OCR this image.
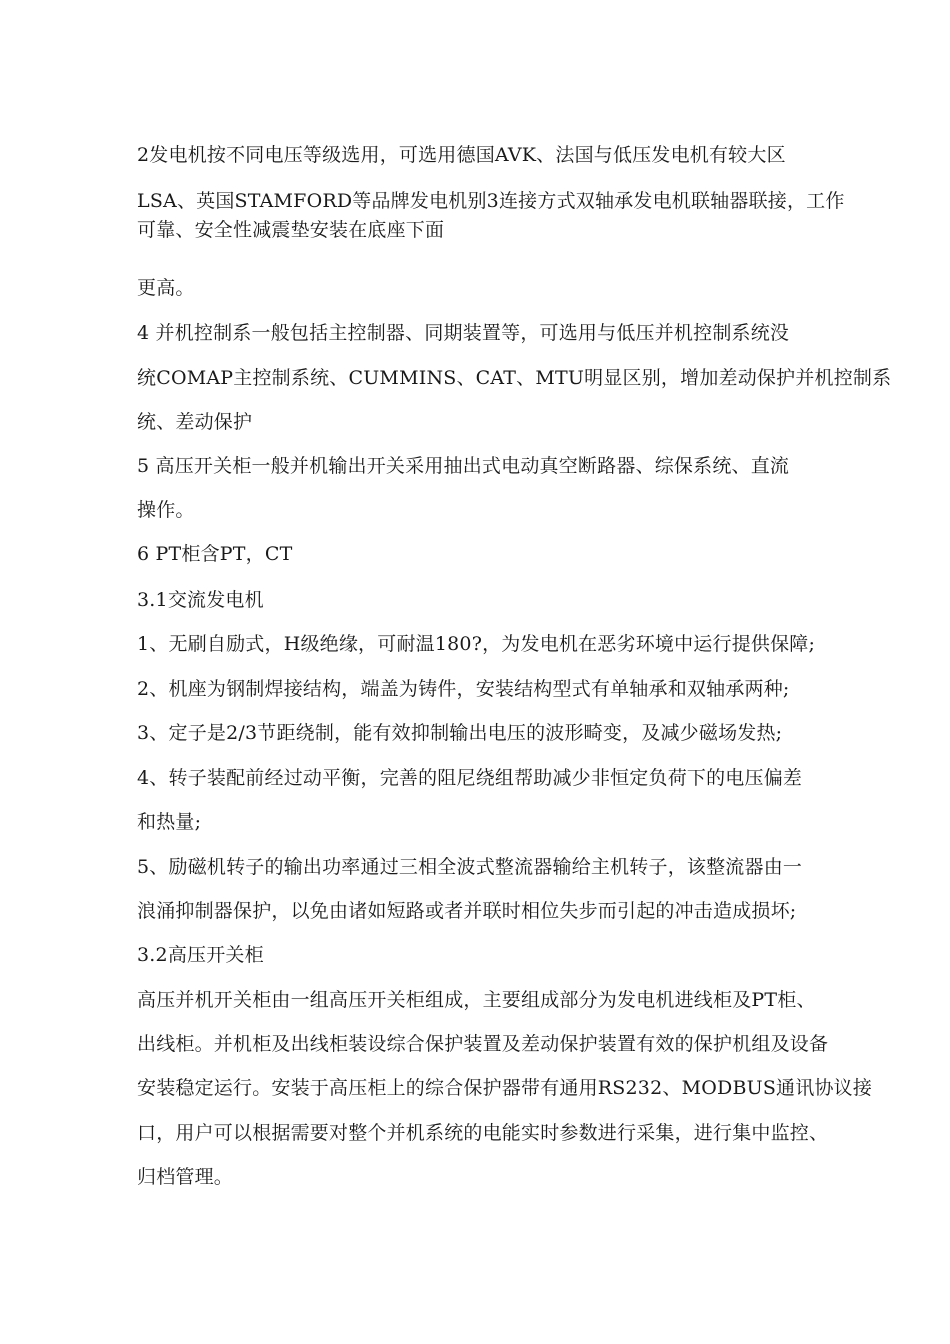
2发电机按不同电压等级选用，可选用德国AVK、法国与低压发电机有较大区
LSA、英国STAMFORD等品牌发电机别3连接方式双轴承发电机联轴器联接，工作
可靠、安全性减震垫安装在底座下面
更高。
4 并机控制系一般包括主控制器、同期装置等，可选用与低压并机控制系统没
统COMAP主控制系统、CUMMINS、CAT、MTU明显区别，增加差动保护并机控制系
统、差动保护
5 高压开关柜一般并机输出开关采用抽出式电动真空断路器、综保系统、直流
操作。
6 PT柜含PT，CT
3.1交流发电机
1、无刷自励式，H级绝缘，可耐温180?，为发电机在恶劣环境中运行提供保障;
2、机座为钢制焊接结构，端盖为铸件，安装结构型式有单轴承和双轴承两种;
3、定子是2/3节距绕制，能有效抑制输出电压的波形畸变，及减少磁场发热;
4、转子装配前经过动平衡，完善的阻尼绕组帮助减少非恒定负荷下的电压偏差
和热量;
5、励磁机转子的输出功率通过三相全波式整流器输给主机转子，该整流器由一
浪涌抑制器保护，以免由诸如短路或者并联时相位失步而引起的冲击造成损坏;
3.2高压开关柜
高压并机开关柜由一组高压开关柜组成，主要组成部分为发电机进线柜及PT柜、
出线柜。并机柜及出线柜装设综合保护装置及差动保护装置有效的保护机组及设备
安装稳定运行。安装于高压柜上的综合保护器带有通用RS232、MODBUS通讯协议接
口，用户可以根据需要对整个并机系统的电能实时参数进行采集，进行集中监控、
归档管理。
